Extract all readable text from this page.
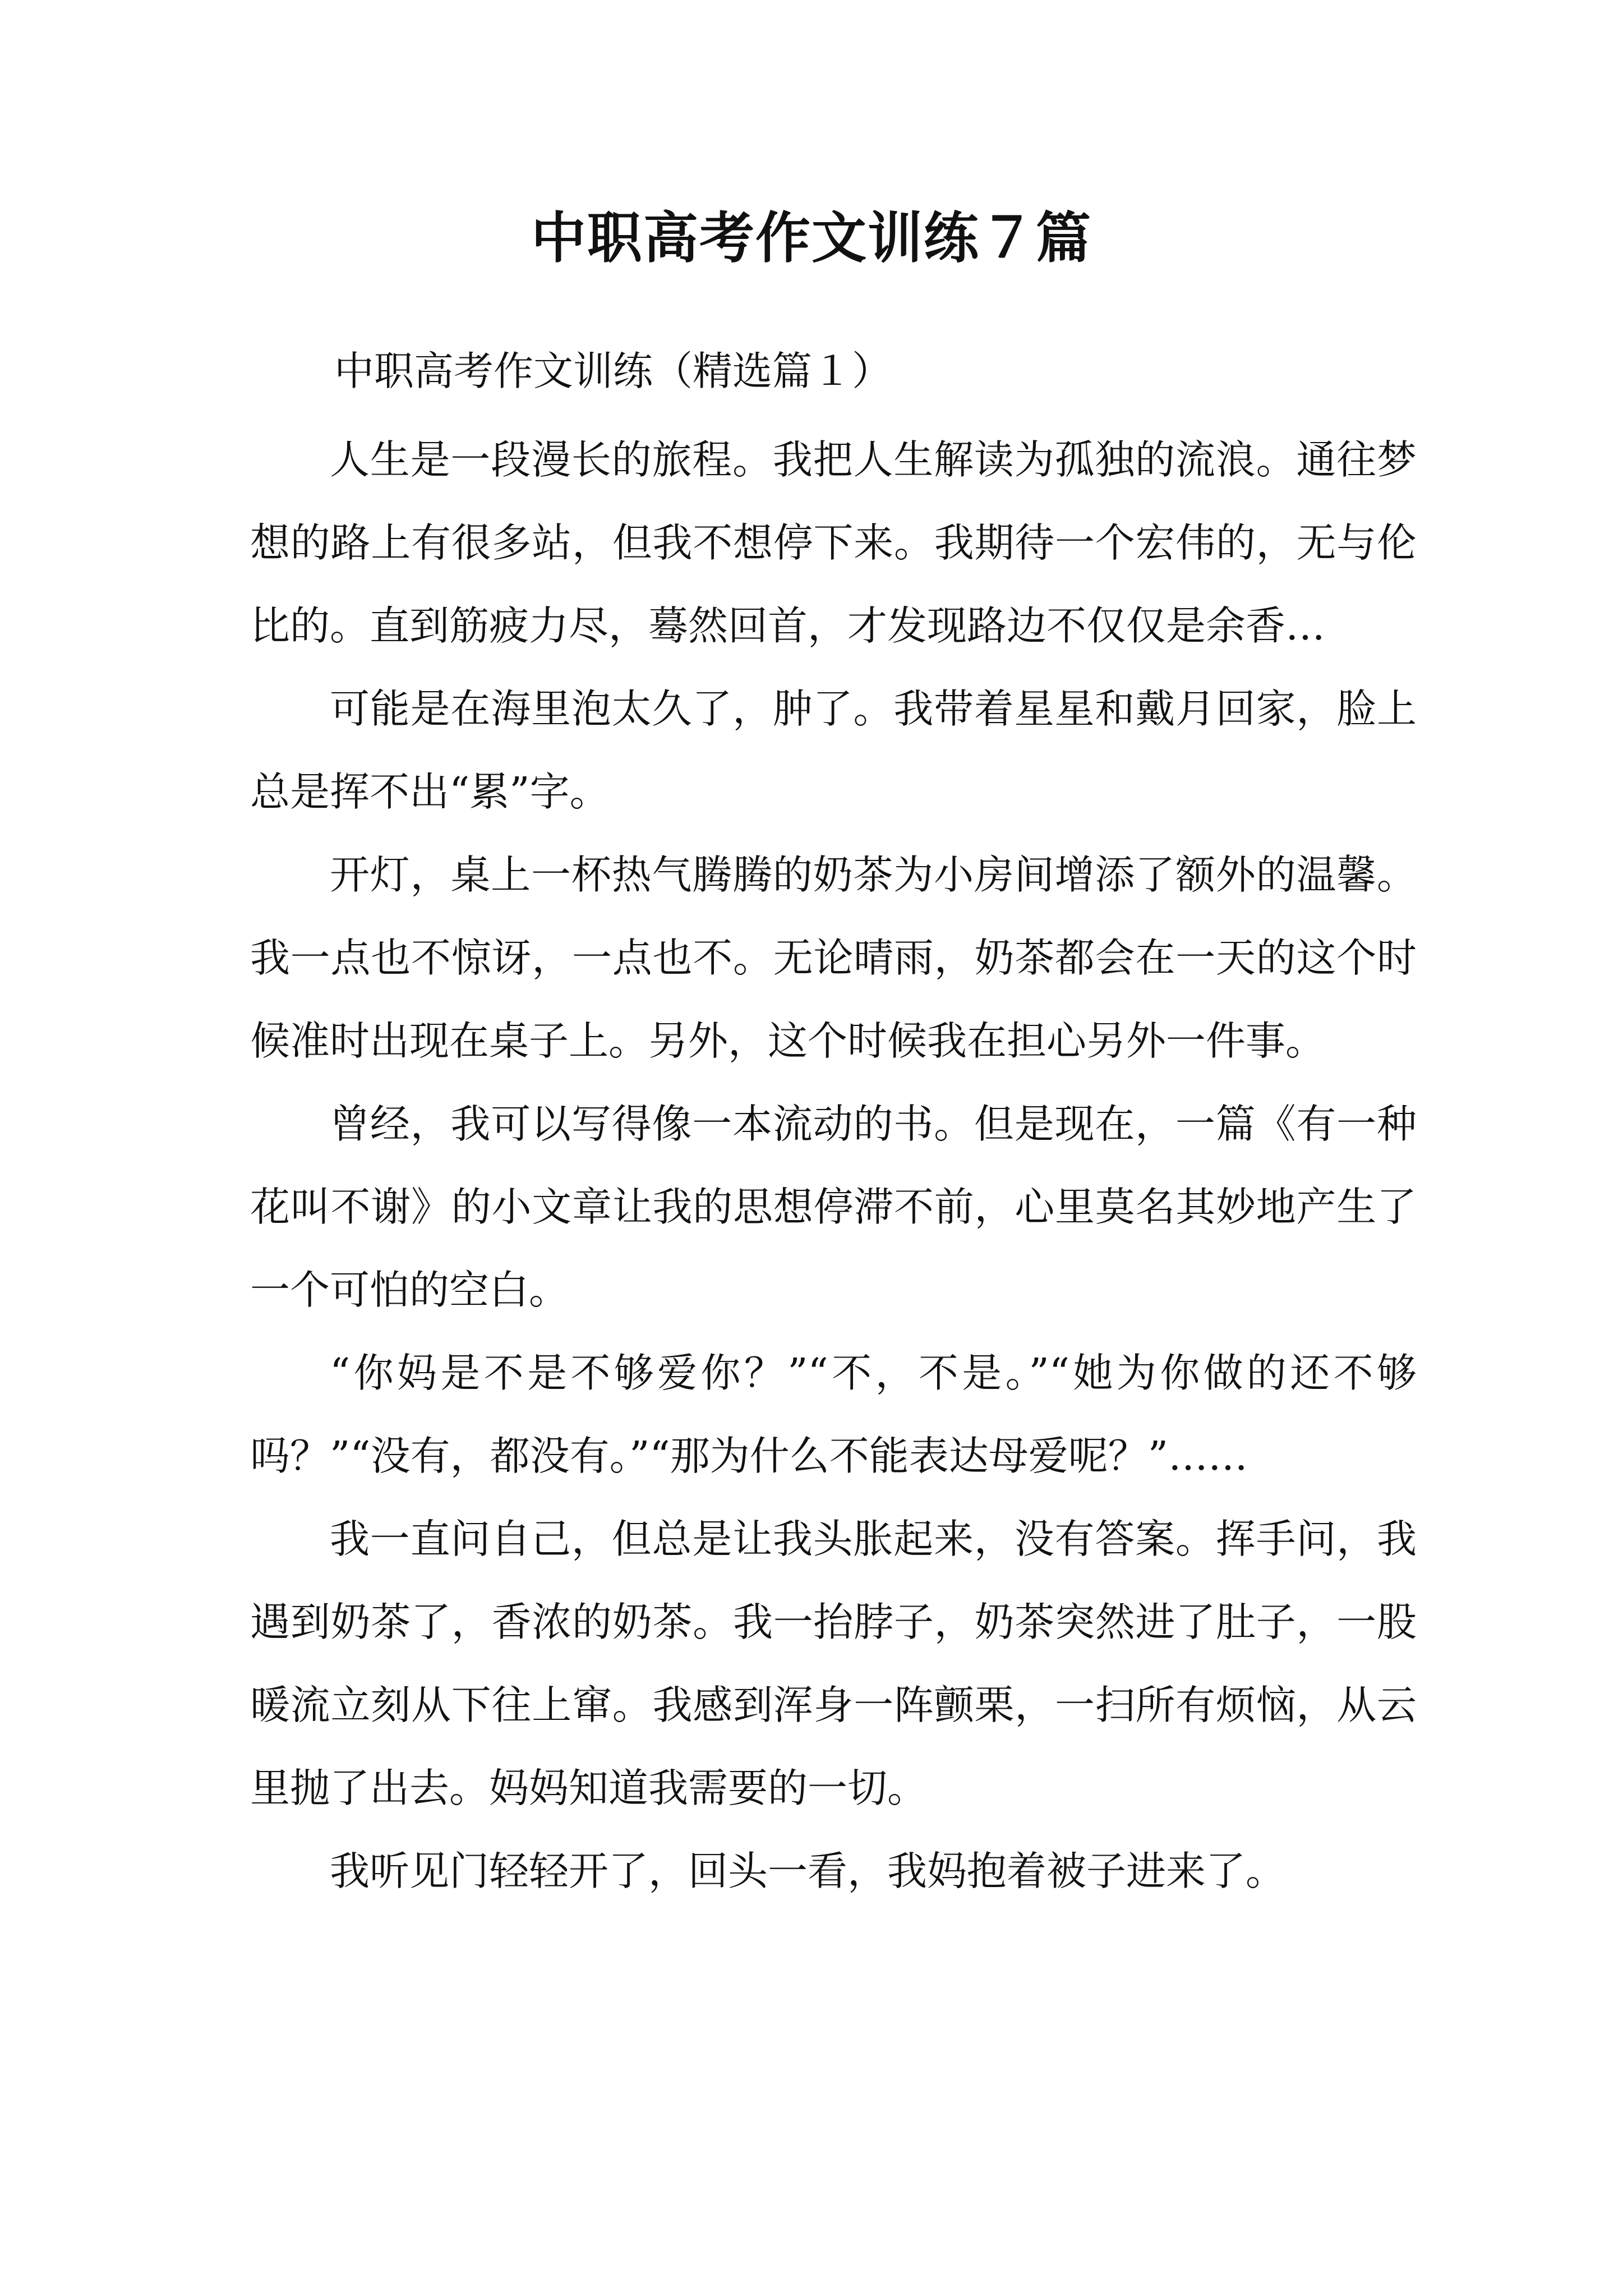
中职高考作文训练７篇
中职高考作文训练（精选篇１）

人生是一段漫长的旅程。我把人生解读为孤独的流浪。通往梦想的路上有很多站，但我不想停下来。我期待一个宏伟的，无与伦比的。直到筋疲力尽，蓦然回首，才发现路边不仅仅是余香…

可能是在海里泡太久了，肿了。我带着星星和戴月回家，脸上总是挥不出“累”字。

开灯，桌上一杯热气腾腾的奶茶为小房间增添了额外的温馨。我一点也不惊讶，一点也不。无论晴雨，奶茶都会在一天的这个时候准时出现在桌子上。另外，这个时候我在担心另外一件事。

曾经，我可以写得像一本流动的书。但是现在，一篇《有一种花叫不谢》的小文章让我的思想停滞不前，心里莫名其妙地产生了一个可怕的空白。

“你妈是不是不够爱你？”“不，不是。”“她为你做的还不够吗？”“没有，都没有。”“那为什么不能表达母爱呢？”……

我一直问自己，但总是让我头胀起来，没有答案。挥手问，我遇到奶茶了，香浓的奶茶。我一抬脖子，奶茶突然进了肚子，一股暖流立刻从下往上窜。我感到浑身一阵颤栗，一扫所有烦恼，从云里抛了出去。妈妈知道我需要的一切。

我听见门轻轻开了，回头一看，我妈抱着被子进来了。
